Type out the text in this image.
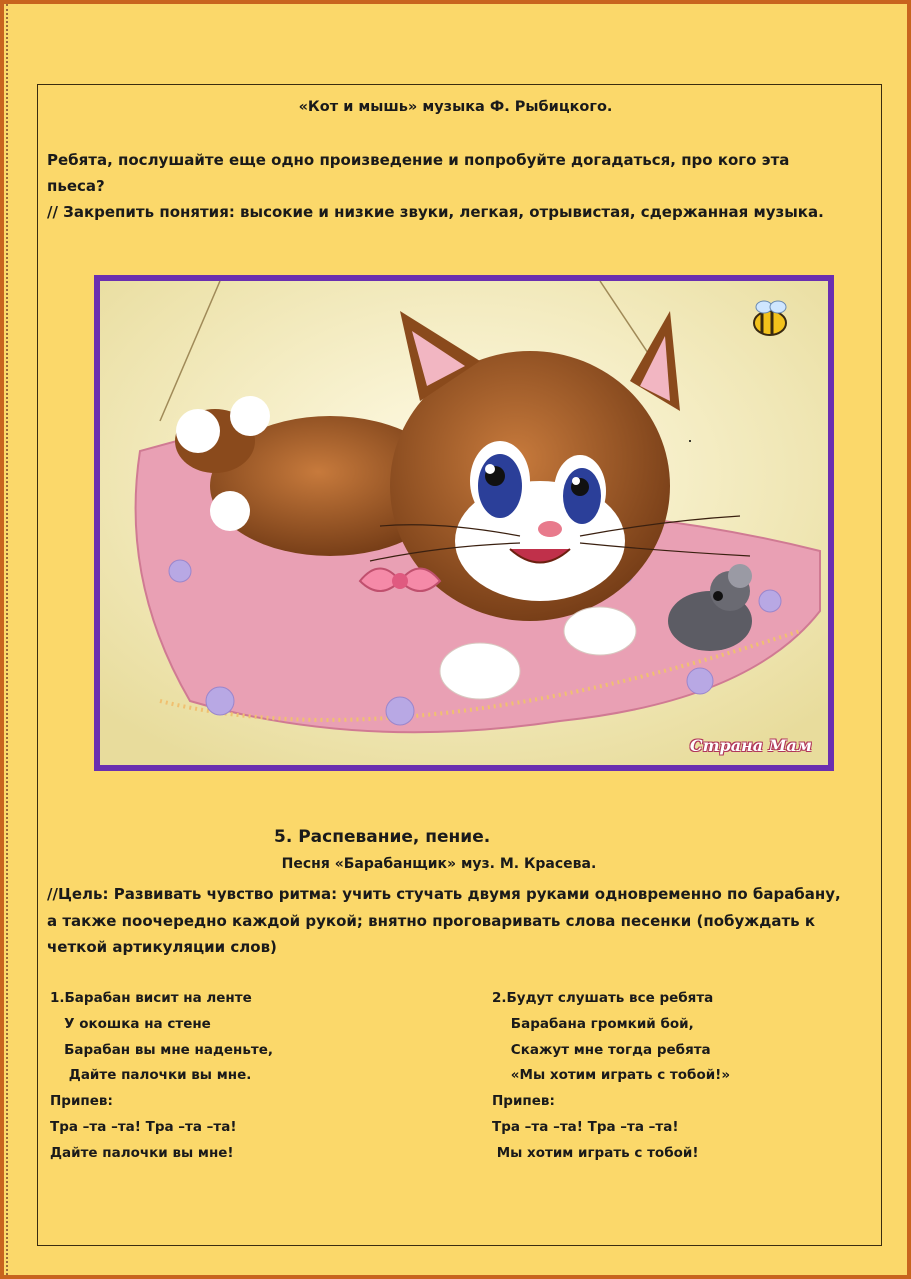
«Кот и мышь» музыка Ф. Рыбицкого.
Ребята, послушайте еще одно произведение и попробуйте догадаться, про кого эта пьеса?
// Закрепить понятия: высокие и низкие звуки, легкая, отрывистая, сдержанная музыка.
Страна Мам
5. Распевание, пение.
Песня «Барабанщик» муз. М. Красева.
//Цель: Развивать чувство ритма: учить стучать двумя руками одновременно по барабану, а также поочередно каждой рукой; внятно проговаривать слова песенки (побуждать к четкой артикуляции слов)
1.Барабан висит на ленте
У окошка на стене
Барабан вы мне наденьте,
Дайте палочки вы мне.
Припев:
Тра –та –та! Тра –та –та!
Дайте палочки вы мне!
2.Будут слушать все ребята
Барабана громкий бой,
Скажут мне тогда ребята
«Мы хотим играть с тобой!»
Припев:
Тра –та –та! Тра –та –та!
Мы хотим играть с тобой!
